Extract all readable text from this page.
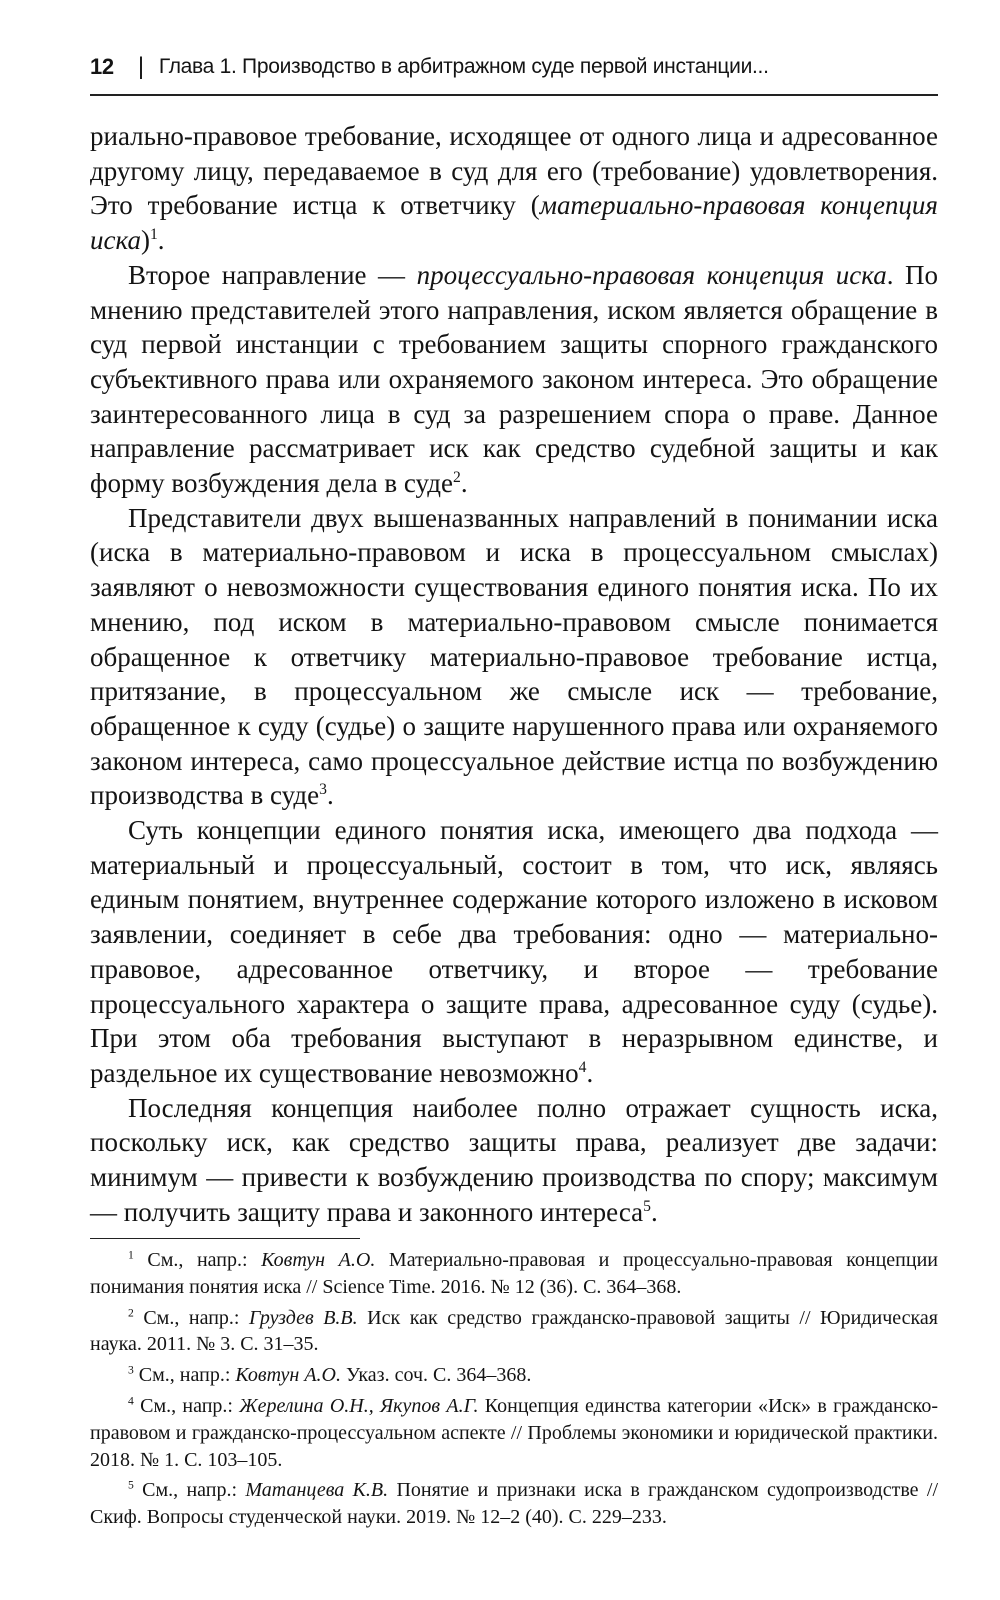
12 | Глава 1. Производство в арбитражном суде первой инстанции...

риально-правовое требование, исходящее от одного лица и адресованное другому лицу, передаваемое в суд для его (требование) удовлетворения. Это требование истца к ответчику (материально-правовая концепция иска)$^1$.

Второе направление — процессуально-правовая концепция иска. По мнению представителей этого направления, иском является обращение в суд первой инстанции с требованием защиты спорного гражданского субъективного права или охраняемого законом интереса. Это обращение заинтересованного лица в суд за разрешением спора о праве. Данное направление рассматривает иск как средство судебной защиты и как форму возбуждения дела в суде$^2$.

Представители двух вышеназванных направлений в понимании иска (иска в материально-правовом и иска в процессуальном смыслах) заявляют о невозможности существования единого понятия иска. По их мнению, под иском в материально-правовом смысле понимается обращенное к ответчику материально-правовое требование истца, притязание, в процессуальном же смысле иск — требование, обращенное к суду (судье) о защите нарушенного права или охраняемого законом интереса, само процессуальное действие истца по возбуждению производства в суде$^3$.

Суть концепции единого понятия иска, имеющего два подхода — материальный и процессуальный, состоит в том, что иск, являясь единым понятием, внутреннее содержание которого изложено в исковом заявлении, соединяет в себе два требования: одно — материально-правовое, адресованное ответчику, и второе — требование процессуального характера о защите права, адресованное суду (судье). При этом оба требования выступают в неразрывном единстве, и раздельное их существование невозможно$^4$.

Последняя концепция наиболее полно отражает сущность иска, поскольку иск, как средство защиты права, реализует две задачи: минимум — привести к возбуждению производства по спору; максимум — получить защиту права и законного интереса$^5$.

$^1$ См., напр.: Ковтун А.О. Материально-правовая и процессуально-правовая концепции понимания понятия иска // Science Time. 2016. № 12 (36). С. 364–368.

$^2$ См., напр.: Груздев В.В. Иск как средство гражданско-правовой защиты // Юридическая наука. 2011. № 3. С. 31–35.

$^3$ См., напр.: Ковтун А.О. Указ. соч. С. 364–368.

$^4$ См., напр.: Жерелина О.Н., Якупов А.Г. Концепция единства категории «Иск» в гражданско-правовом и гражданско-процессуальном аспекте // Проблемы экономики и юридической практики. 2018. № 1. С. 103–105.

$^5$ См., напр.: Матанцева К.В. Понятие и признаки иска в гражданском судопроизводстве // Скиф. Вопросы студенческой науки. 2019. № 12–2 (40). С. 229–233.
